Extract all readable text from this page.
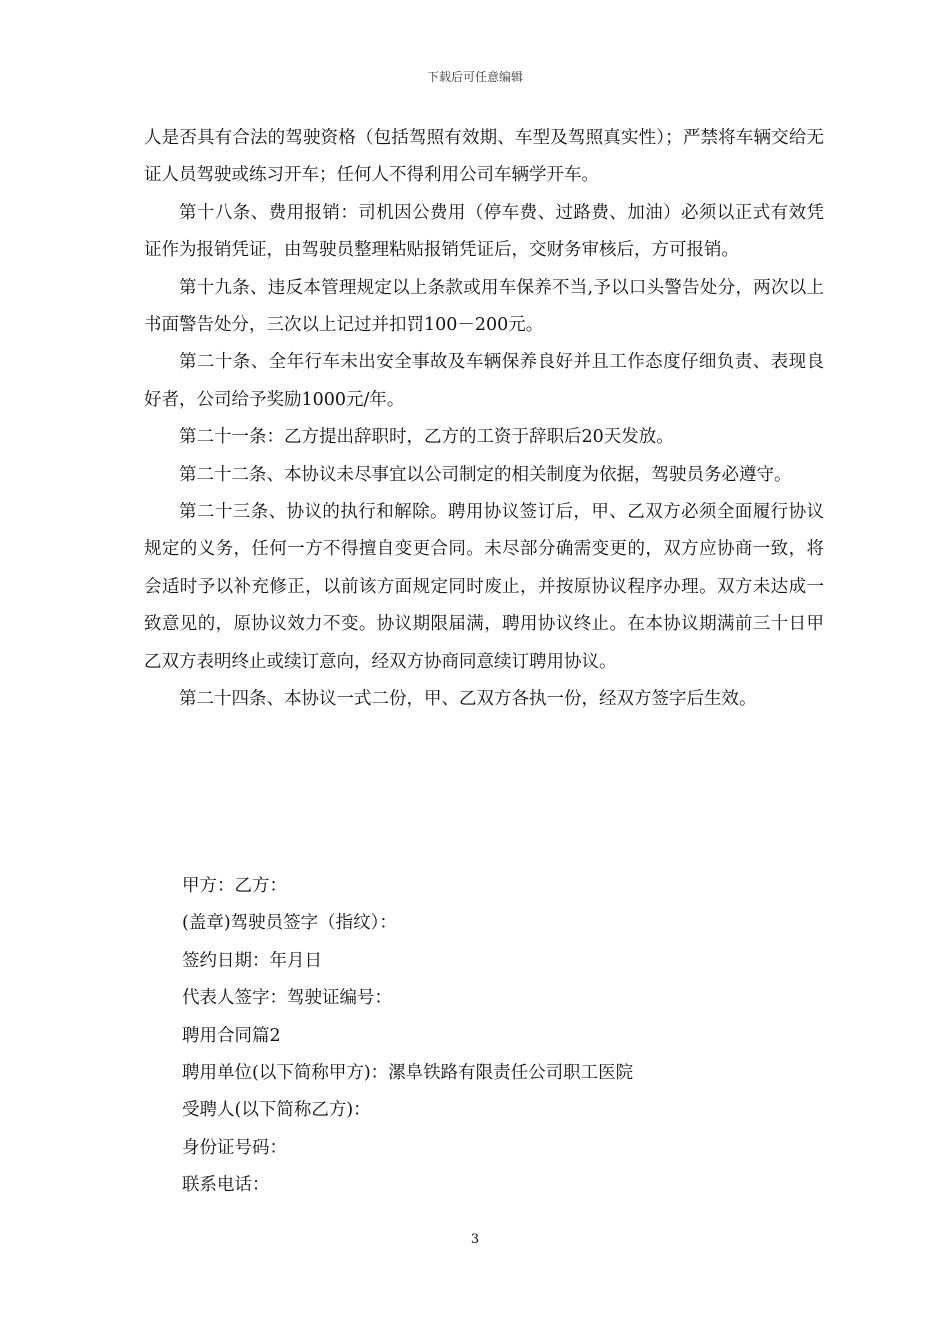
下载后可任意编辑

人是否具有合法的驾驶资格（包括驾照有效期、车型及驾照真实性）；严禁将车辆交给无证人员驾驶或练习开车；任何人不得利用公司车辆学开车。

第十八条、费用报销：司机因公费用（停车费、过路费、加油）必须以正式有效凭证作为报销凭证，由驾驶员整理粘贴报销凭证后，交财务审核后，方可报销。

第十九条、违反本管理规定以上条款或用车保养不当,予以口头警告处分，两次以上书面警告处分，三次以上记过并扣罚100－200元。

第二十条、全年行车未出安全事故及车辆保养良好并且工作态度仔细负责、表现良好者，公司给予奖励1000元/年。

第二十一条：乙方提出辞职时，乙方的工资于辞职后20天发放。

第二十二条、本协议未尽事宜以公司制定的相关制度为依据，驾驶员务必遵守。

第二十三条、协议的执行和解除。聘用协议签订后，甲、乙双方必须全面履行协议规定的义务，任何一方不得擅自变更合同。未尽部分确需变更的，双方应协商一致，将会适时予以补充修正，以前该方面规定同时废止，并按原协议程序办理。双方未达成一致意见的，原协议效力不变。协议期限届满，聘用协议终止。在本协议期满前三十日甲乙双方表明终止或续订意向，经双方协商同意续订聘用协议。

第二十四条、本协议一式二份，甲、乙双方各执一份，经双方签字后生效。

甲方：乙方：

(盖章)驾驶员签字（指纹）：

签约日期：年月日

代表人签字：驾驶证编号：

聘用合同篇2

聘用单位(以下简称甲方)：漯阜铁路有限责任公司职工医院

受聘人(以下简称乙方)：

身份证号码：

联系电话：

3
